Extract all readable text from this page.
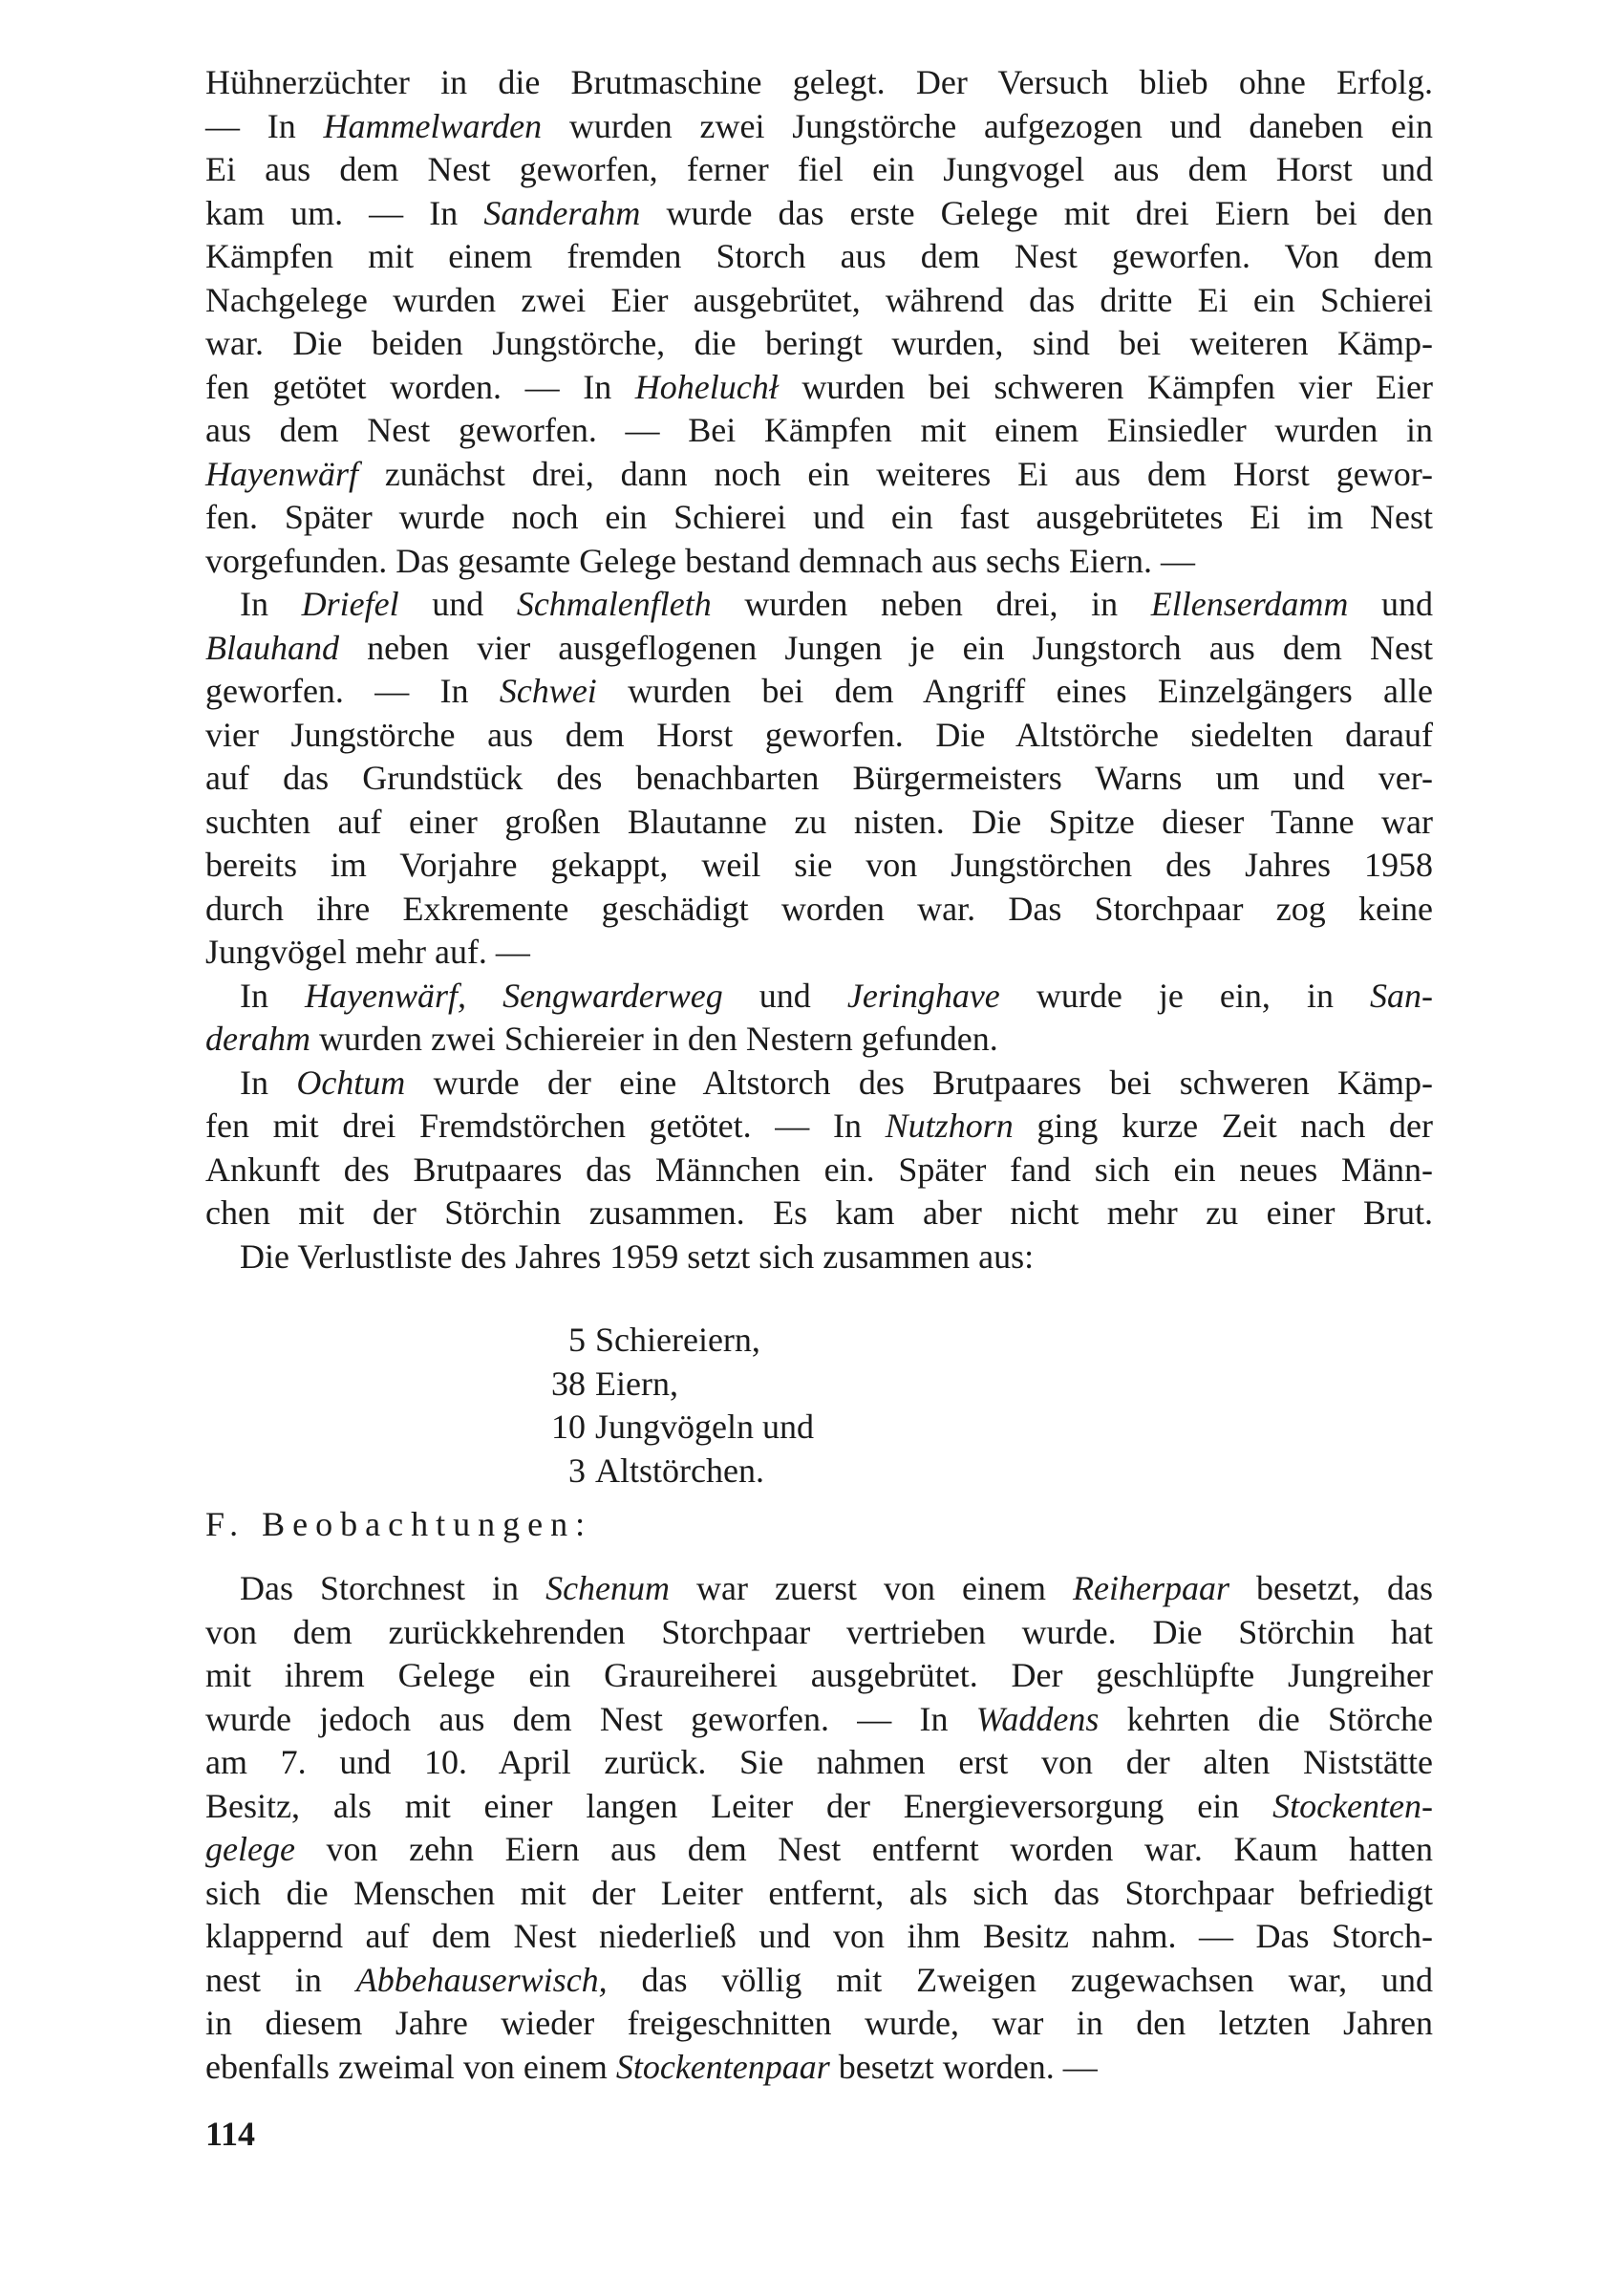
Hühnerzüchter in die Brutmaschine gelegt. Der Versuch blieb ohne Erfolg.
— In Hammelwarden wurden zwei Jungstörche aufgezogen und daneben ein
Ei aus dem Nest geworfen, ferner fiel ein Jungvogel aus dem Horst und
kam um. — In Sanderahm wurde das erste Gelege mit drei Eiern bei den
Kämpfen mit einem fremden Storch aus dem Nest geworfen. Von dem
Nachgelege wurden zwei Eier ausgebrütet, während das dritte Ei ein Schierei
war. Die beiden Jungstörche, die beringt wurden, sind bei weiteren Kämp-
fen getötet worden. — In Hoheluchł wurden bei schweren Kämpfen vier Eier
aus dem Nest geworfen. — Bei Kämpfen mit einem Einsiedler wurden in
Hayenwärf zunächst drei, dann noch ein weiteres Ei aus dem Horst gewor-
fen. Später wurde noch ein Schierei und ein fast ausgebrütetes Ei im Nest
vorgefunden. Das gesamte Gelege bestand demnach aus sechs Eiern. —
In Driefel und Schmalenfleth wurden neben drei, in Ellenserdamm und
Blauhand neben vier ausgeflogenen Jungen je ein Jungstorch aus dem Nest
geworfen. — In Schwei wurden bei dem Angriff eines Einzelgängers alle
vier Jungstörche aus dem Horst geworfen. Die Altstörche siedelten darauf
auf das Grundstück des benachbarten Bürgermeisters Warns um und ver-
suchten auf einer großen Blautanne zu nisten. Die Spitze dieser Tanne war
bereits im Vorjahre gekappt, weil sie von Jungstörchen des Jahres 1958
durch ihre Exkremente geschädigt worden war. Das Storchpaar zog keine
Jungvögel mehr auf. —
In Hayenwärf, Sengwarderweg und Jeringhave wurde je ein, in San-
derahm wurden zwei Schiereier in den Nestern gefunden.
In Ochtum wurde der eine Altstorch des Brutpaares bei schweren Kämp-
fen mit drei Fremdstörchen getötet. — In Nutzhorn ging kurze Zeit nach der
Ankunft des Brutpaares das Männchen ein. Später fand sich ein neues Männ-
chen mit der Störchin zusammen. Es kam aber nicht mehr zu einer Brut.
Die Verlustliste des Jahres 1959 setzt sich zusammen aus:
5 Schiereiern,
38 Eiern,
10 Jungvögeln und
3 Altstörchen.
F. Beobachtungen:
Das Storchnest in Schenum war zuerst von einem Reiherpaar besetzt, das
von dem zurückkehrenden Storchpaar vertrieben wurde. Die Störchin hat
mit ihrem Gelege ein Graureiherei ausgebrütet. Der geschlüpfte Jungreiher
wurde jedoch aus dem Nest geworfen. — In Waddens kehrten die Störche
am 7. und 10. April zurück. Sie nahmen erst von der alten Niststätte
Besitz, als mit einer langen Leiter der Energieversorgung ein Stockenten-
gelege von zehn Eiern aus dem Nest entfernt worden war. Kaum hatten
sich die Menschen mit der Leiter entfernt, als sich das Storchpaar befriedigt
klappernd auf dem Nest niederließ und von ihm Besitz nahm. — Das Storch-
nest in Abbehauserwisch, das völlig mit Zweigen zugewachsen war, und
in diesem Jahre wieder freigeschnitten wurde, war in den letzten Jahren
ebenfalls zweimal von einem Stockentenpaar besetzt worden. —
114
